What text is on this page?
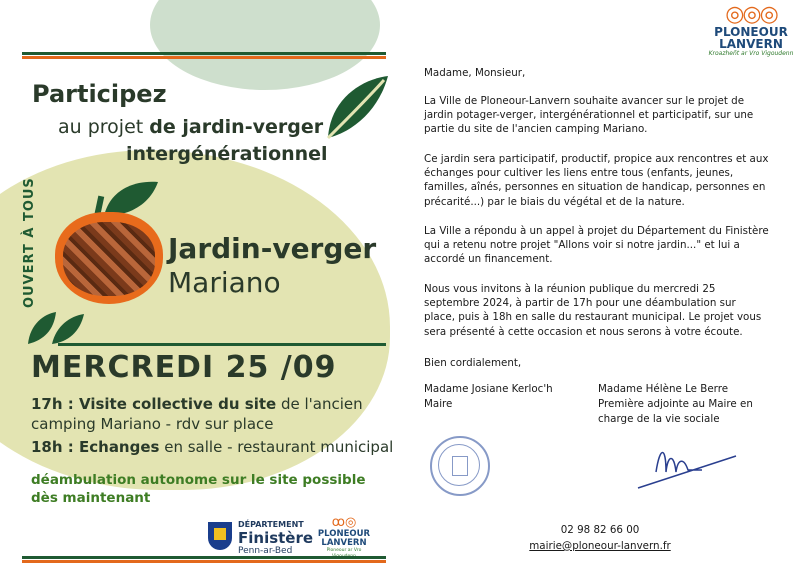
Participez
au projet de jardin-verger
intergénérationnel
OUVERT À TOUS	Jardin-verger
Mariano
MERCREDI 25 /09
17h : Visite collective du site de l'ancien camping Mariano - rdv sur place
18h : Echanges en salle - restaurant municipal
déambulation autonome sur le site possible dès maintenant
DÉPARTEMENT
Finistère
Penn-ar-Bed
ꝏ◎
PLONEOUR
LANVERN
Ploneour ar Vro
◎◎◎
PLONEOUR
LANVERN
Kroazheñt ar Vro Vigoudenn
Madame, Monsieur,
La Ville de Ploneour-Lanvern souhaite avancer sur le projet de jardin potager-verger, intergénérationnel et participatif, sur une partie du site de l'ancien camping Mariano.
Ce jardin sera participatif, productif, propice aux rencontres et aux échanges pour cultiver les liens entre tous (enfants, jeunes, familles, aînés, personnes en situation de handicap, personnes en précarité...) par le biais du végétal et de la nature.
La Ville a répondu à un appel à projet du Département du Finistère qui a retenu notre projet "Allons voir si notre jardin..." et lui a accordé un financement.
Nous vous invitons à la réunion publique du mercredi 25 septembre 2024, à partir de 17h pour une déambulation sur place, puis à 18h en salle du restaurant municipal. Le projet vous sera présenté à cette occasion et nous serons à votre écoute.
Bien cordialement,
Madame Josiane Kerloc'h
Maire
Madame Hélène Le Berre
Première adjointe au Maire en charge de la vie sociale
02 98 82 66 00
mairie@ploneour-lanvern.fr
